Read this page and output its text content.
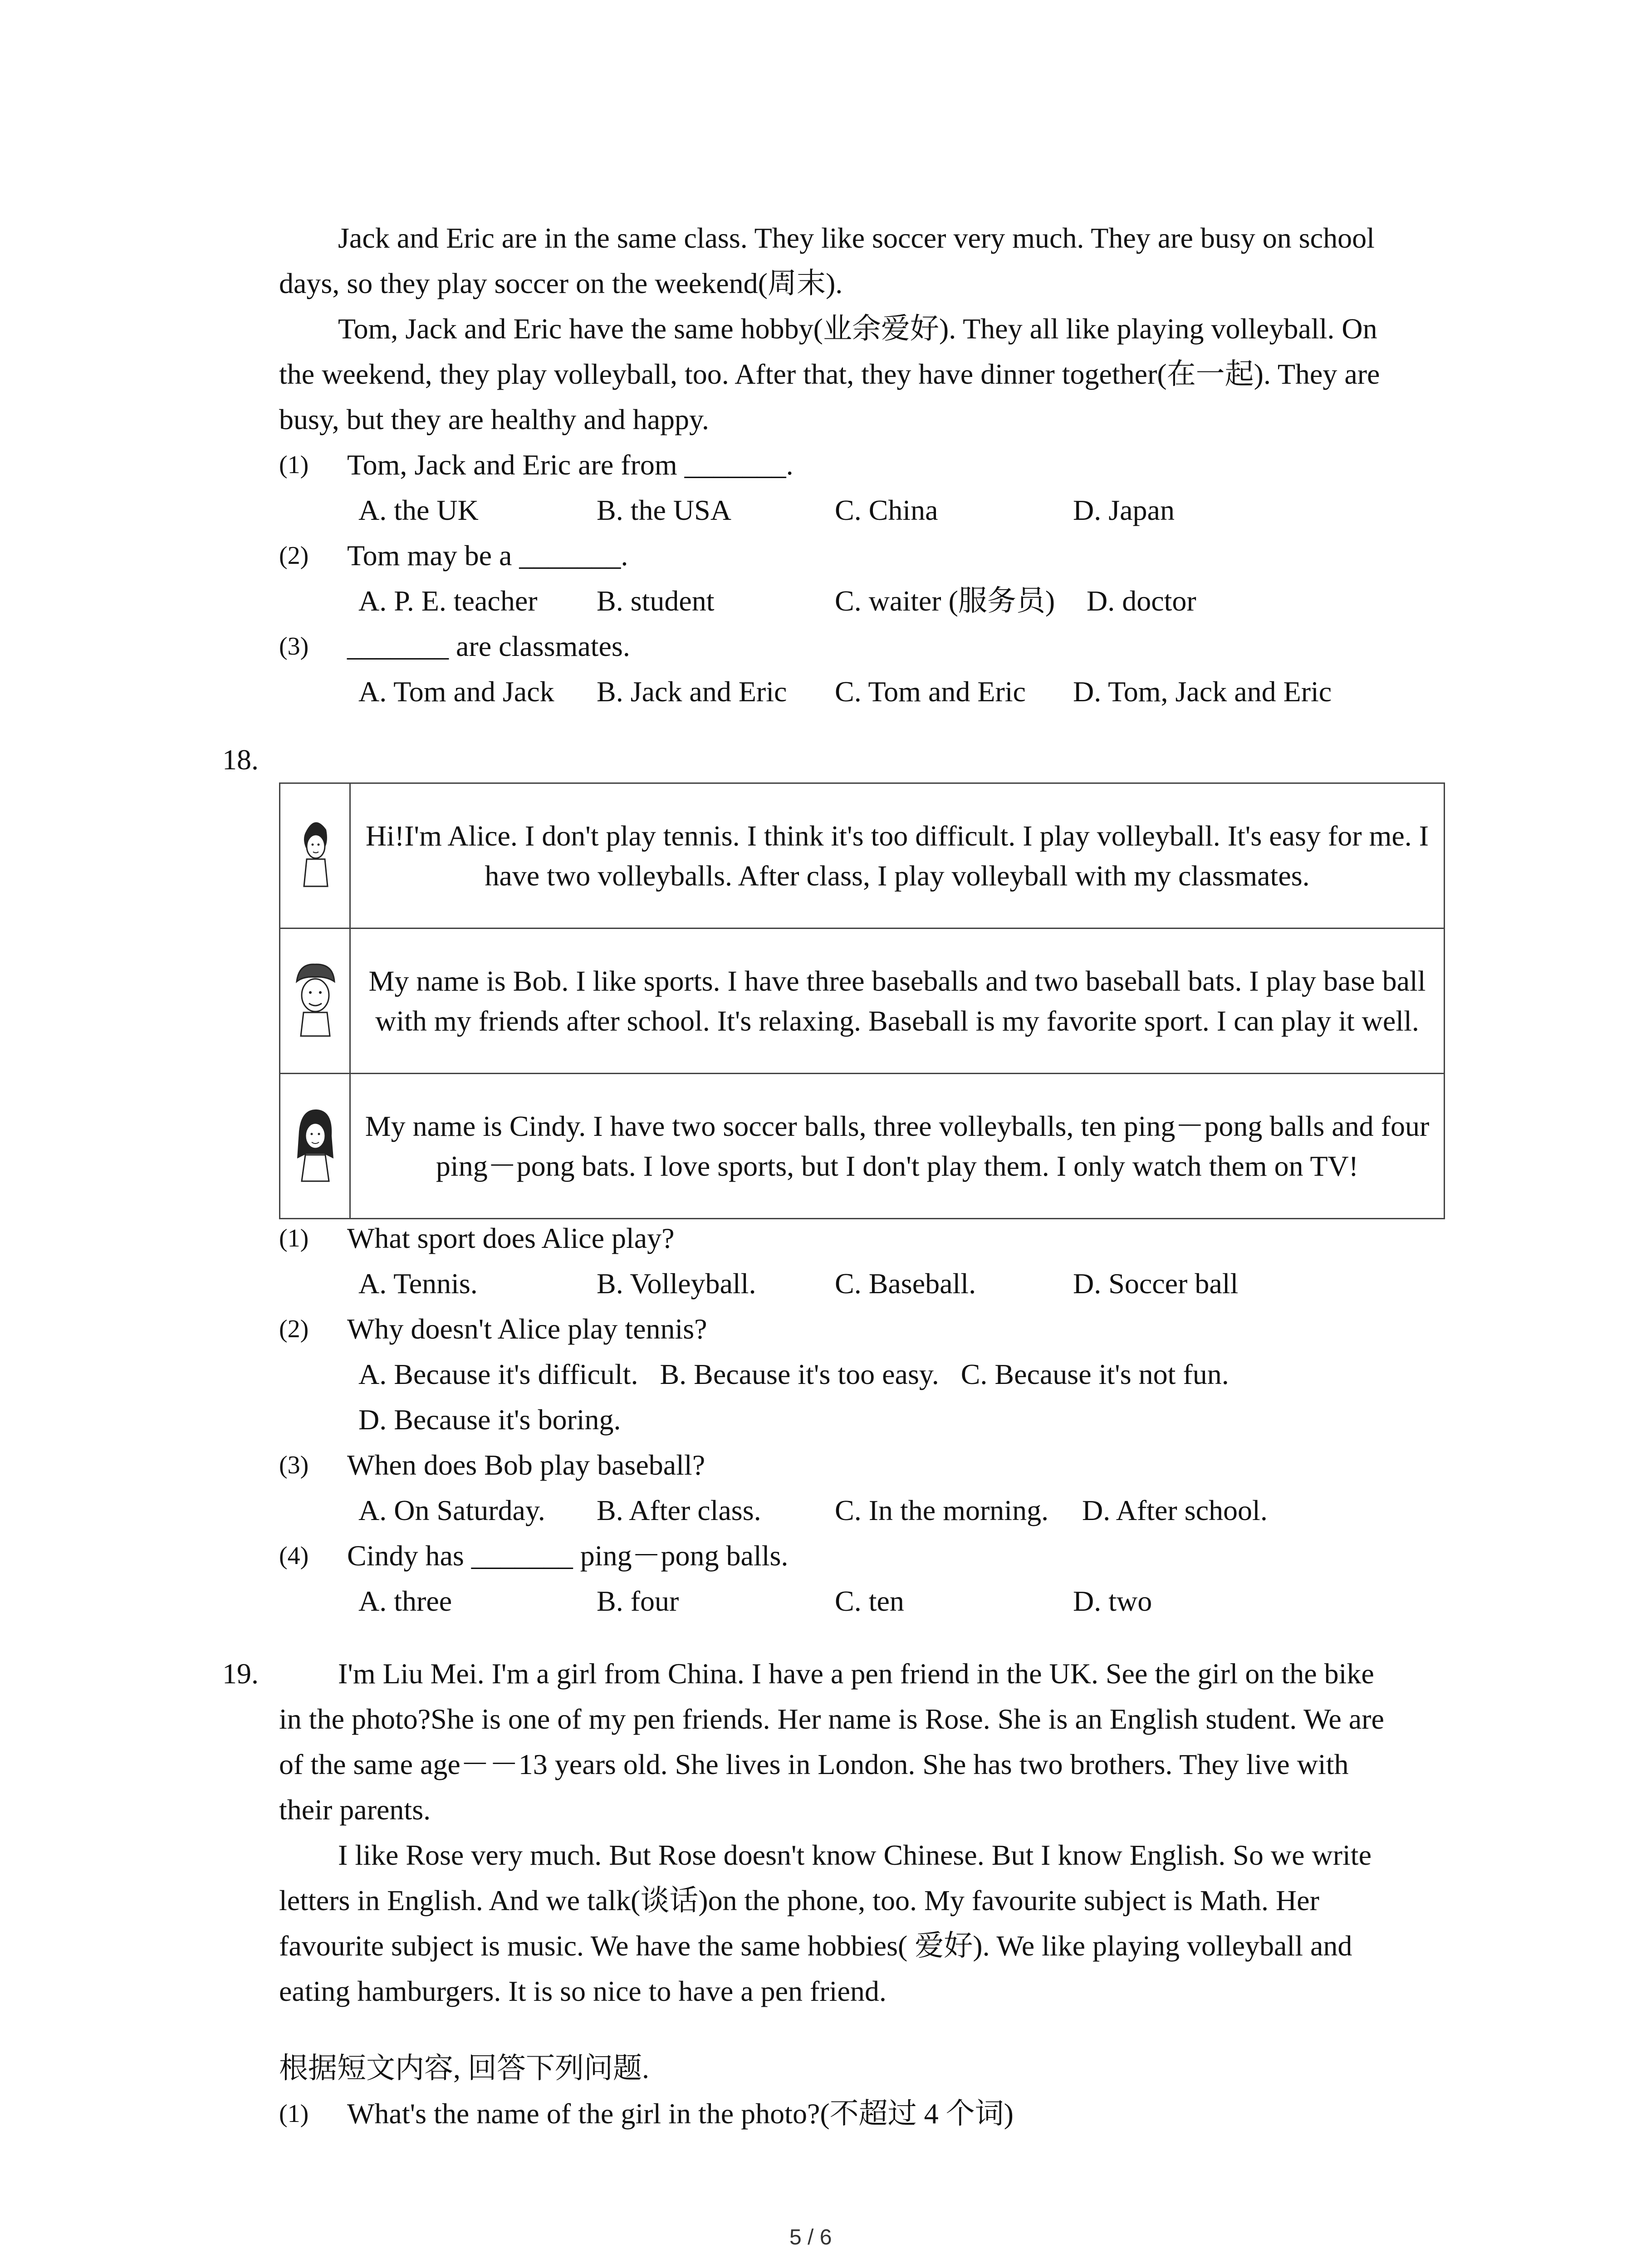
Jack and Eric are in the same class. They like soccer very much. They are busy on school
days, so they play soccer on the weekend(周末).
Tom, Jack and Eric have the same hobby(业余爱好). They all like playing volleyball. On
the weekend, they play volleyball, too. After that, they have dinner together(在一起). They are
busy, but they are healthy and happy.
(1) Tom, Jack and Eric are from _______.
A. the UK	B. the USA	C. China	D. Japan
(2) Tom may be a _______.
A. P. E. teacher B. student	C. waiter (服务员) D. doctor
(3) _______ are classmates.
A. Tom and Jack B. Jack and Eric C. Tom and Eric D. Tom, Jack and Eric
18.
	Hi!I'm Alice. I don't play tennis. I think it's too difficult. I play volleyball. It's easy for me. I have two volleyballs. After class, I play volleyball with my classmates.
	My name is Bob. I like sports. I have three baseballs and two baseball bats. I play base ball with my friends after school. It's relaxing. Baseball is my favorite sport. I can play it well.
	My name is Cindy. I have two soccer balls, three volleyballs, ten ping－pong balls and four ping－pong bats. I love sports, but I don't play them. I only watch them on TV!
(1) What sport does Alice play?
A. Tennis.	B. Volleyball.	C. Baseball.	D. Soccer ball
(2) Why doesn't Alice play tennis?
A. Because it's difficult.   B. Because it's too easy.   C. Because it's not fun.
D. Because it's boring.
(3) When does Bob play baseball?
A. On Saturday. B. After class.	C. In the morning. D. After school.
(4) Cindy has _______ ping－pong balls.
A. three	B. four	C. ten	D. two
19.	I'm Liu Mei. I'm a girl from China. I have a pen friend in the UK. See the girl on the bike
in the photo?She is one of my pen friends. Her name is Rose. She is an English student. We are
of the same age－－13 years old. She lives in London. She has two brothers. They live with
their parents.
I like Rose very much. But Rose doesn't know Chinese. But I know English. So we write
letters in English. And we talk(谈话)on the phone, too. My favourite subject is Math. Her
favourite subject is music. We have the same hobbies( 爱好). We like playing volleyball and
eating hamburgers. It is so nice to have a pen friend.
根据短文内容, 回答下列问题.
(1) What's the name of the girl in the photo?(不超过 4 个词)
5 / 6
